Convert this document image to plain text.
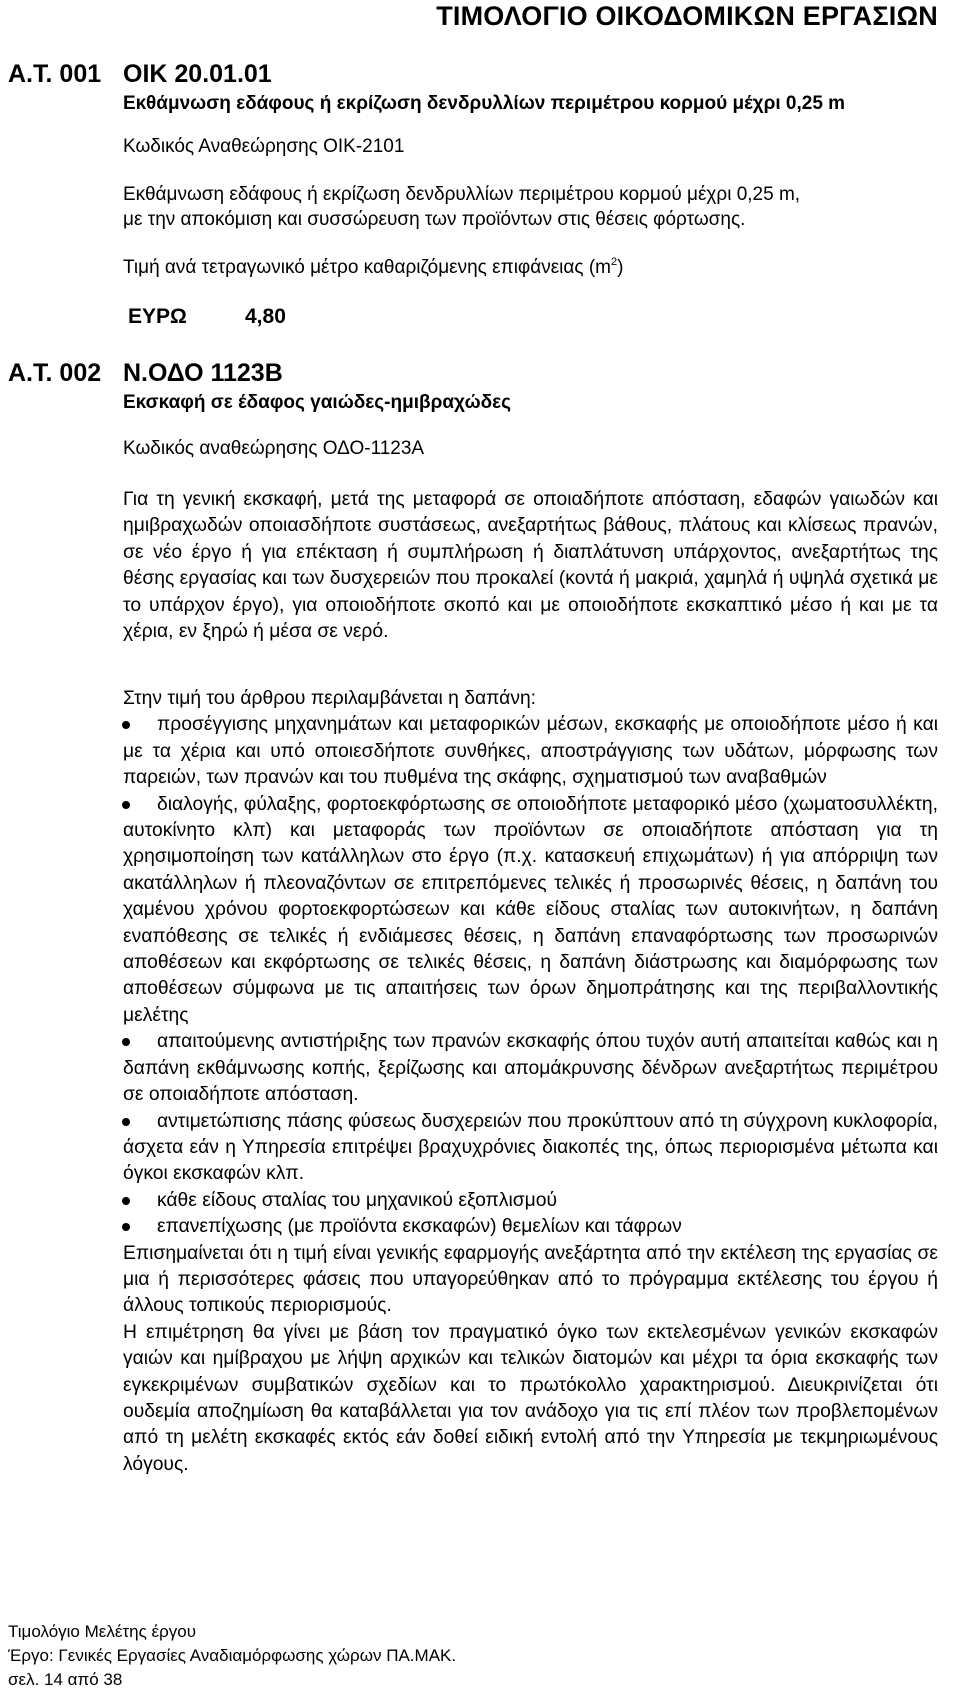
ΤΙΜΟΛΟΓΙΟ ΟΙΚΟΔΟΜΙΚΩΝ ΕΡΓΑΣΙΩΝ
Α.Τ. 001 ΟΙΚ 20.01.01
Εκθάμνωση εδάφους ή εκρίζωση δενδρυλλίων περιμέτρου κορμού μέχρι 0,25 m
Κωδικός Αναθεώρησης ΟΙΚ-2101
Εκθάμνωση εδάφους ή εκρίζωση δενδρυλλίων περιμέτρου κορμού μέχρι 0,25 m,
με την αποκόμιση και συσσώρευση των προϊόντων στις θέσεις φόρτωσης.
Τιμή ανά τετραγωνικό μέτρο καθαριζόμενης επιφάνειας $(m^2)$
ΕΥΡΩ	4,80
Α.Τ. 002 Ν.ΟΔΟ 1123Β
Εκσκαφή σε έδαφος γαιώδες-ημιβραχώδες
Κωδικός αναθεώρησης ΟΔΟ-1123Α

Για τη γενική εκσκαφή, μετά της μεταφορά σε οποιαδήποτε απόσταση, εδαφών γαιωδών και ημιβραχωδών οποιασδήποτε συστάσεως, ανεξαρτήτως βάθους, πλάτους και κλίσεως πρανών, σε νέο έργο ή για επέκταση ή συμπλήρωση ή διαπλάτυνση υπάρχοντος, ανεξαρτήτως της θέσης εργασίας και των δυσχερειών που προκαλεί (κοντά ή μακριά, χαμηλά ή υψηλά σχετικά με το υπάρχον έργο), για οποιοδήποτε σκοπό και με οποιοδήποτε εκσκαπτικό μέσο ή και με τα χέρια, εν ξηρώ ή μέσα σε νερό.

Στην τιμή του άρθρου περιλαμβάνεται η δαπάνη:

προσέγγισης μηχανημάτων και μεταφορικών μέσων, εκσκαφής με οποιοδήποτε μέσο ή και με τα χέρια και υπό οποιεσδήποτε συνθήκες, αποστράγγισης των υδάτων, μόρφωσης των παρειών, των πρανών και του πυθμένα της σκάφης, σχηματισμού των αναβαθμών
διαλογής, φύλαξης, φορτοεκφόρτωσης σε οποιοδήποτε μεταφορικό μέσο (χωματοσυλλέκτη, αυτοκίνητο κλπ) και μεταφοράς των προϊόντων σε οποιαδήποτε απόσταση για τη χρησιμοποίηση των κατάλληλων στο έργο (π.χ. κατασκευή επιχωμάτων) ή για απόρριψη των ακατάλληλων ή πλεοναζόντων σε επιτρεπόμενες τελικές ή προσωρινές θέσεις, η δαπάνη του χαμένου χρόνου φορτοεκφορτώσεων και κάθε είδους σταλίας των αυτοκινήτων, η δαπάνη εναπόθεσης σε τελικές ή ενδιάμεσες θέσεις, η δαπάνη επαναφόρτωσης των προσωρινών αποθέσεων και εκφόρτωσης σε τελικές θέσεις, η δαπάνη διάστρωσης και διαμόρφωσης των αποθέσεων σύμφωνα με τις απαιτήσεις των όρων δημοπράτησης και της περιβαλλοντικής μελέτης
απαιτούμενης αντιστήριξης των πρανών εκσκαφής όπου τυχόν αυτή απαιτείται καθώς και η δαπάνη εκθάμνωσης κοπής, ξερίζωσης και απομάκρυνσης δένδρων ανεξαρτήτως περιμέτρου σε οποιαδήποτε απόσταση.
αντιμετώπισης πάσης φύσεως δυσχερειών που προκύπτουν από τη σύγχρονη κυκλοφορία, άσχετα εάν η Υπηρεσία επιτρέψει βραχυχρόνιες διακοπές της, όπως περιορισμένα μέτωπα και όγκοι εκσκαφών κλπ.
κάθε είδους σταλίας του μηχανικού εξοπλισμού
επανεπίχωσης (με προϊόντα εκσκαφών) θεμελίων και τάφρων

Επισημαίνεται ότι η τιμή είναι γενικής εφαρμογής ανεξάρτητα από την εκτέλεση της εργασίας σε μια ή περισσότερες φάσεις που υπαγορεύθηκαν από το πρόγραμμα εκτέλεσης του έργου ή άλλους τοπικούς περιορισμούς.

Η επιμέτρηση θα γίνει με βάση τον πραγματικό όγκο των εκτελεσμένων γενικών εκσκαφών γαιών και ημίβραχου με λήψη αρχικών και τελικών διατομών και μέχρι τα όρια εκσκαφής των εγκεκριμένων συμβατικών σχεδίων και το πρωτόκολλο χαρακτηρισμού. Διευκρινίζεται ότι ουδεμία αποζημίωση θα καταβάλλεται για τον ανάδοχο για τις επί πλέον των προβλεπομένων από τη μελέτη εκσκαφές εκτός εάν δοθεί ειδική εντολή από την Υπηρεσία με τεκμηριωμένους λόγους.

Τιμολόγιο Μελέτης έργου
Έργο: Γενικές Εργασίες Αναδιαμόρφωσης χώρων ΠΑ.ΜΑΚ.
σελ. 14 από 38
